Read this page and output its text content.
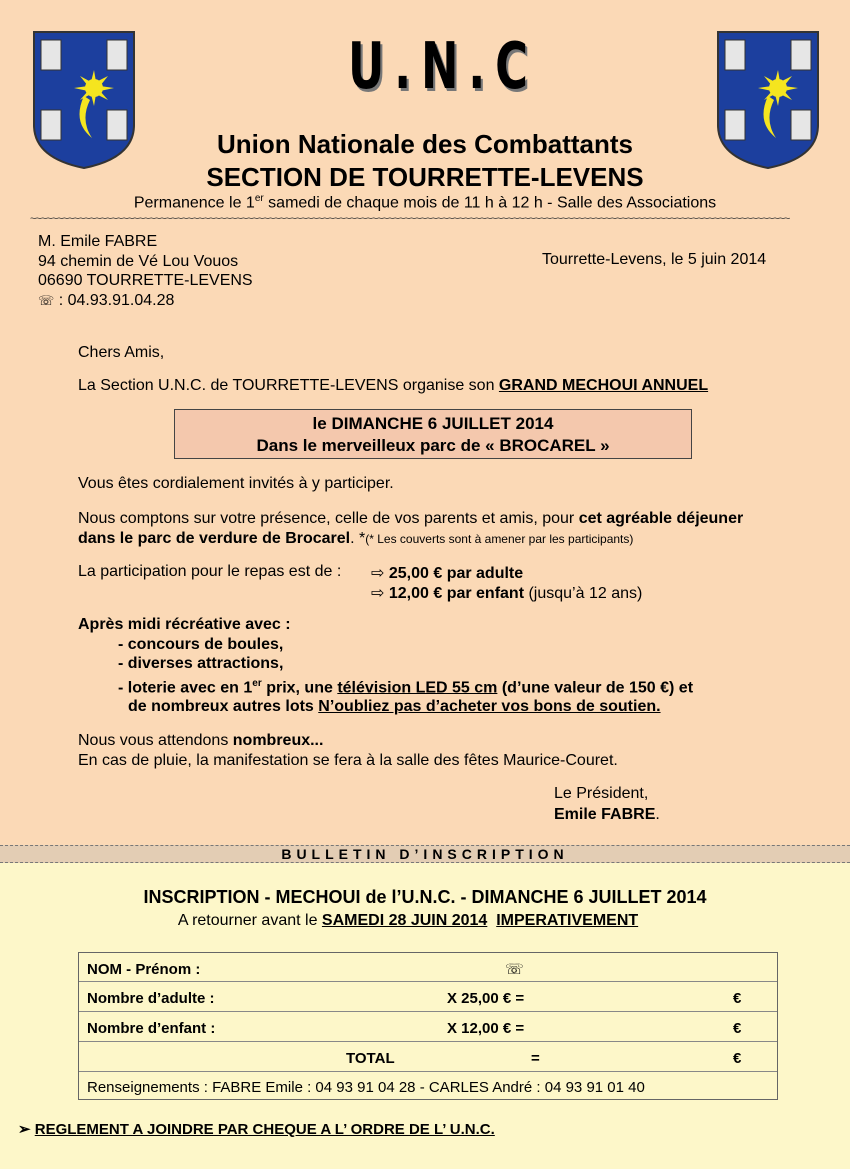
U.N.C
Union Nationale des Combattants
SECTION DE TOURRETTE-LEVENS
Permanence le 1er samedi de chaque mois de 11 h à 12 h - Salle des Associations
~~~~~~~~~~~~~~~~~~~~~~~~~~~~~~~~~~~~~~~~~~~~~~~~~~~~~~~~~~~~~~~~~~~~~~~~~~~~~~~~~~~~~~~~~~~~~~~~~~~~~~~~~~~~~~~~~~~~~~~~~~~~~~~~~~~~~~~~~~~~
M. Emile FABRE
94 chemin de Vé Lou Vouos
06690 TOURRETTE-LEVENS
☏ : 04.93.91.04.28
Tourrette-Levens, le 5 juin 2014
Chers Amis,
La Section U.N.C. de TOURRETTE-LEVENS organise son GRAND MECHOUI ANNUEL
le DIMANCHE 6 JUILLET 2014
Dans le merveilleux parc de « BROCAREL »
Vous êtes cordialement invités à y participer.
Nous comptons sur votre présence, celle de vos parents et amis, pour cet agréable déjeuner
dans le parc de verdure de Brocarel. *(* Les couverts sont à amener par les participants)
La participation pour le repas est de : ⇨ 25,00 € par adulte
⇨ 12,00 € par enfant (jusqu’à 12 ans)
Après midi récréative avec :
- concours de boules,
- diverses attractions,
- loterie avec en 1er prix, une télévision LED 55 cm (d’une valeur de 150 €) et
de nombreux autres lots N’oubliez pas d’acheter vos bons de soutien.
Nous vous attendons nombreux...
En cas de pluie, la manifestation se fera à la salle des fêtes Maurice-Couret.
Le Président,
Emile FABRE.
BULLETIN D’INSCRIPTION
INSCRIPTION - MECHOUI de l’U.N.C. - DIMANCHE 6 JUILLET 2014
A retourner avant le SAMEDI 28 JUIN 2014 IMPERATIVEMENT
NOM - Prénom :	☏
Nombre d’adulte :	X 25,00 € =	€
Nombre d’enfant :	X 12,00 € =	€
TOTAL	=	€
Renseignements : FABRE Emile : 04 93 91 04 28 - CARLES André : 04 93 91 01 40
➢ REGLEMENT A JOINDRE PAR CHEQUE A L’ ORDRE DE L’ U.N.C.
